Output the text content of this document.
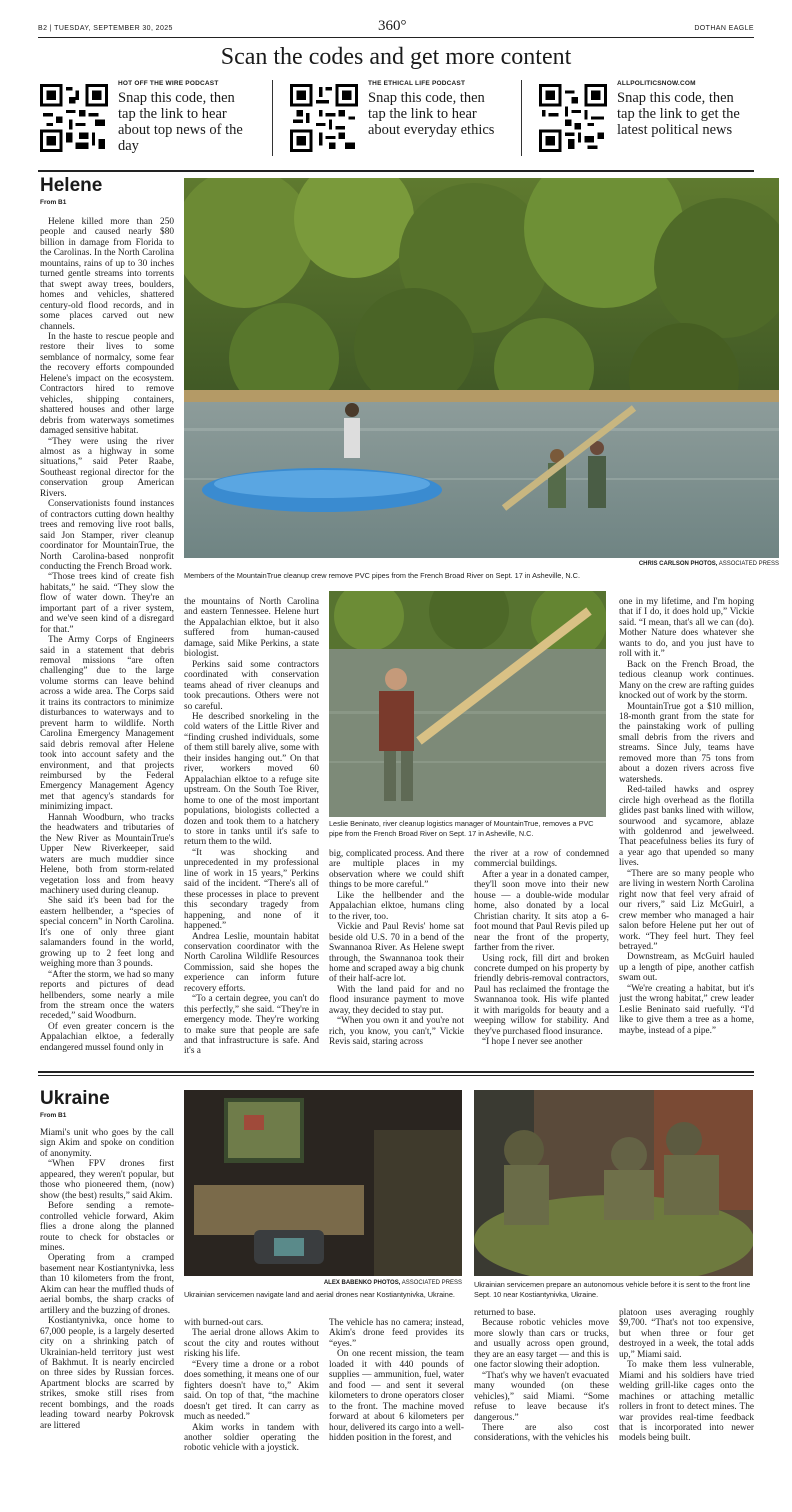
B2 | TUESDAY, SEPTEMBER 30, 2025	360°	DOTHAN EAGLE
Scan the codes and get more content
HOT OFF THE WIRE PODCAST
Snap this code, then tap the link to hear about top news of the day
THE ETHICAL LIFE PODCAST
Snap this code, then tap the link to hear about everyday ethics
ALLPOLITICSNOW.COM
Snap this code, then tap the link to get the latest political news
Helene
From B1
CHRIS CARLSON PHOTOS, ASSOCIATED PRESS
Members of the MountainTrue cleanup crew remove PVC pipes from the French Broad River on Sept. 17 in Asheville, N.C.

Helene killed more than 250 people and caused nearly $80 billion in damage from Florida to the Carolinas. In the North Carolina mountains, rains of up to 30 inches turned gentle streams into torrents that swept away trees, boulders, homes and vehicles, shattered century-old flood records, and in some places carved out new channels.

In the haste to rescue people and restore their lives to some semblance of normalcy, some fear the recovery efforts compounded Helene's impact on the ecosystem. Contractors hired to remove vehicles, shipping containers, shattered houses and other large debris from waterways sometimes damaged sensitive habitat.

“They were using the river almost as a highway in some situations,” said Peter Raabe, Southeast regional director for the conservation group American Rivers.

Conservationists found instances of contractors cutting down healthy trees and removing live root balls, said Jon Stamper, river cleanup coordinator for MountainTrue, the North Carolina-based nonprofit conducting the French Broad work.

“Those trees kind of create fish habitats,” he said. “They slow the flow of water down. They're an important part of a river system, and we've seen kind of a disregard for that.”

The Army Corps of Engineers said in a statement that debris removal missions “are often challenging” due to the large volume storms can leave behind across a wide area. The Corps said it trains its contractors to minimize disturbances to waterways and to prevent harm to wildlife. North Carolina Emergency Management said debris removal after Helene took into account safety and the environment, and that projects reimbursed by the Federal Emergency Management Agency met that agency's standards for minimizing impact.

Hannah Woodburn, who tracks the headwaters and tributaries of the New River as MountainTrue's Upper New Riverkeeper, said waters are much muddier since Helene, both from storm-related vegetation loss and from heavy machinery used during cleanup.

She said it's been bad for the eastern hellbender, a “species of special concern” in North Carolina. It's one of only three giant salamanders found in the world, growing up to 2 feet long and weighing more than 3 pounds.

“After the storm, we had so many reports and pictures of dead hellbenders, some nearly a mile from the stream once the waters receded,” said Woodburn.

Of even greater concern is the Appalachian elktoe, a federally endangered mussel found only in

the mountains of North Carolina and eastern Tennessee. Helene hurt the Appalachian elktoe, but it also suffered from human-caused damage, said Mike Perkins, a state biologist.

Perkins said some contractors coordinated with conservation teams ahead of river cleanups and took precautions. Others were not so careful.

He described snorkeling in the cold waters of the Little River and “finding crushed individuals, some of them still barely alive, some with their insides hanging out.” On that river, workers moved 60 Appalachian elktoe to a refuge site upstream. On the South Toe River, home to one of the most important populations, biologists collected a dozen and took them to a hatchery to store in tanks until it's safe to return them to the wild.

“It was shocking and unprecedented in my professional line of work in 15 years,” Perkins said of the incident. “There's all of these processes in place to prevent this secondary tragedy from happening, and none of it happened.”

Andrea Leslie, mountain habitat conservation coordinator with the North Carolina Wildlife Resources Commission, said she hopes the experience can inform future recovery efforts.

“To a certain degree, you can't do this perfectly,” she said. “They're in emergency mode. They're working to make sure that people are safe and that infrastructure is safe. And it's a

Leslie Beninato, river cleanup logistics manager of MountainTrue, removes a PVC pipe from the French Broad River on Sept. 17 in Asheville, N.C.

big, complicated process. And there are multiple places in my observation where we could shift things to be more careful.”

Like the hellbender and the Appalachian elktoe, humans cling to the river, too.

Vickie and Paul Revis' home sat beside old U.S. 70 in a bend of the Swannanoa River. As Helene swept through, the Swannanoa took their home and scraped away a big chunk of their half-acre lot.

With the land paid for and no flood insurance payment to move away, they decided to stay put.

“When you own it and you're not rich, you know, you can't,” Vickie Revis said, staring across

the river at a row of condemned commercial buildings.

After a year in a donated camper, they'll soon move into their new house — a double-wide modular home, also donated by a local Christian charity. It sits atop a 6-foot mound that Paul Revis piled up near the front of the property, farther from the river.

Using rock, fill dirt and broken concrete dumped on his property by friendly debris-removal contractors, Paul has reclaimed the frontage the Swannanoa took. His wife planted it with marigolds for beauty and a weeping willow for stability. And they've purchased flood insurance.

“I hope I never see another

one in my lifetime, and I'm hoping that if I do, it does hold up,” Vickie said. “I mean, that's all we can (do). Mother Nature does whatever she wants to do, and you just have to roll with it.”

Back on the French Broad, the tedious cleanup work continues. Many on the crew are rafting guides knocked out of work by the storm.

MountainTrue got a $10 million, 18-month grant from the state for the painstaking work of pulling small debris from the rivers and streams. Since July, teams have removed more than 75 tons from about a dozen rivers across five watersheds.

Red-tailed hawks and osprey circle high overhead as the flotilla glides past banks lined with willow, sourwood and sycamore, ablaze with goldenrod and jewelweed. That peacefulness belies its fury of a year ago that upended so many lives.

“There are so many people who are living in western North Carolina right now that feel very afraid of our rivers,” said Liz McGuirl, a crew member who managed a hair salon before Helene put her out of work. “They feel hurt. They feel betrayed.”

Downstream, as McGuirl hauled up a length of pipe, another catfish swam out.

“We're creating a habitat, but it's just the wrong habitat,” crew leader Leslie Beninato said ruefully. “I'd like to give them a tree as a home, maybe, instead of a pipe.”

Ukraine
From B1
ALEX BABENKO PHOTOS, ASSOCIATED PRESS
Ukrainian servicemen navigate land and aerial drones near Kostiantynivka, Ukraine.
Ukrainian servicemen prepare an autonomous vehicle before it is sent to the front line Sept. 10 near Kostiantynivka, Ukraine.

Miami's unit who goes by the call sign Akim and spoke on condition of anonymity.

“When FPV drones first appeared, they weren't popular, but those who pioneered them, (now) show (the best) results,” said Akim.

Before sending a remote-controlled vehicle forward, Akim flies a drone along the planned route to check for obstacles or mines.

Operating from a cramped basement near Kostiantynivka, less than 10 kilometers from the front, Akim can hear the muffled thuds of aerial bombs, the sharp cracks of artillery and the buzzing of drones.

Kostiantynivka, once home to 67,000 people, is a largely deserted city on a shrinking patch of Ukrainian-held territory just west of Bakhmut. It is nearly encircled on three sides by Russian forces. Apartment blocks are scarred by strikes, smoke still rises from recent bombings, and the roads leading toward nearby Pokrovsk are littered

with burned-out cars.

The aerial drone allows Akim to scout the city and routes without risking his life.

“Every time a drone or a robot does something, it means one of our fighters doesn't have to,” Akim said. On top of that, “the machine doesn't get tired. It can carry as much as needed.”

Akim works in tandem with another soldier operating the robotic vehicle with a joystick.

The vehicle has no camera; instead, Akim's drone feed provides its “eyes.”

On one recent mission, the team loaded it with 440 pounds of supplies — ammunition, fuel, water and food — and sent it several kilometers to drone operators closer to the front. The machine moved forward at about 6 kilometers per hour, delivered its cargo into a well-hidden position in the forest, and

returned to base.

Because robotic vehicles move more slowly than cars or trucks, and usually across open ground, they are an easy target — and this is one factor slowing their adoption.

“That's why we haven't evacuated many wounded (on these vehicles),” said Miami. “Some refuse to leave because it's dangerous.”

There are also cost considerations, with the vehicles his

platoon uses averaging roughly $9,700. “That's not too expensive, but when three or four get destroyed in a week, the total adds up,” Miami said.

To make them less vulnerable, Miami and his soldiers have tried welding grill-like cages onto the machines or attaching metallic rollers in front to detect mines. The war provides real-time feedback that is incorporated into newer models being built.
